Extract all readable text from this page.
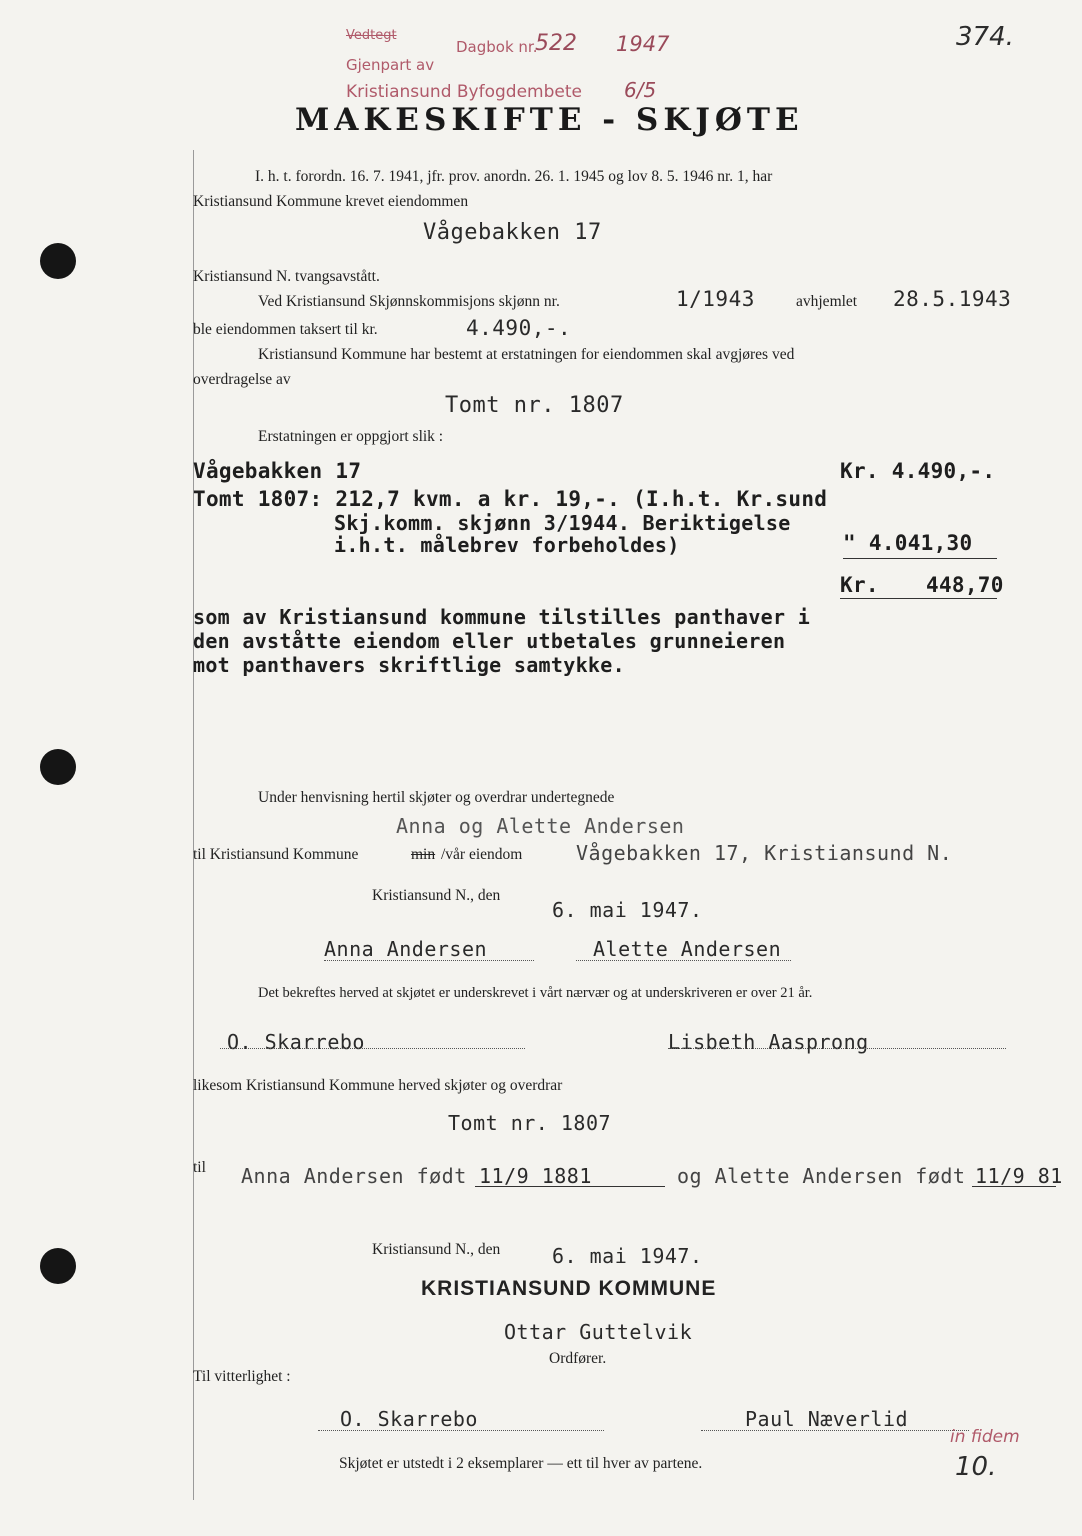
Vedtegt
Gjenpart av
Kristiansund Byfogdembete
Dagbok nr.
522 1947
6/5
374.
MAKESKIFTE - SKJØTE
I. h. t. forordn. 16. 7. 1941, jfr. prov. anordn. 26. 1. 1945 og lov 8. 5. 1946 nr. 1, har
Kristiansund Kommune krevet eiendommen
Vågebakken 17
Kristiansund N. tvangsavstått.
Ved Kristiansund Skjønnskommisjons skjønn nr.	1/1943	avhjemlet 28.5.1943
ble eiendommen taksert til kr.	4.490,-.
Kristiansund Kommune har bestemt at erstatningen for eiendommen skal avgjøres ved
overdragelse av
Tomt nr. 1807
Erstatningen er oppgjort slik :
Vågebakken 17	Kr. 4.490,-.
Tomt 1807: 212,7 kvm. a kr. 19,-. (I.h.t. Kr.sund
Skj.komm. skjønn 3/1944. Beriktigelse
i.h.t. målebrev forbeholdes)	" 4.041,30
Kr. 448,70
som av Kristiansund kommune tilstilles panthaver i
den avståtte eiendom eller utbetales grunneieren
mot panthavers skriftlige samtykke.
Under henvisning hertil skjøter og overdrar undertegnede
Anna og Alette Andersen
til Kristiansund Kommune	min /vår eiendom	Vågebakken 17, Kristiansund N.
Kristiansund N., den
6. mai 1947.
Anna Andersen	Alette Andersen
Det bekreftes herved at skjøtet er underskrevet i vårt nærvær og at underskriveren er over 21 år.
O. Skarrebo	Lisbeth Aasprong
likesom Kristiansund Kommune herved skjøter og overdrar
Tomt nr. 1807
til Anna Andersen født 11/9 1881	og Alette Andersen født 11/9 81
Kristiansund N., den	6. mai 1947.
KRISTIANSUND KOMMUNE
Ottar Guttelvik
Ordfører.
Til vitterlighet :
O. Skarrebo	Paul Næverlid
in fidem
10.
Skjøtet er utstedt i 2 eksemplarer — ett til hver av partene.
